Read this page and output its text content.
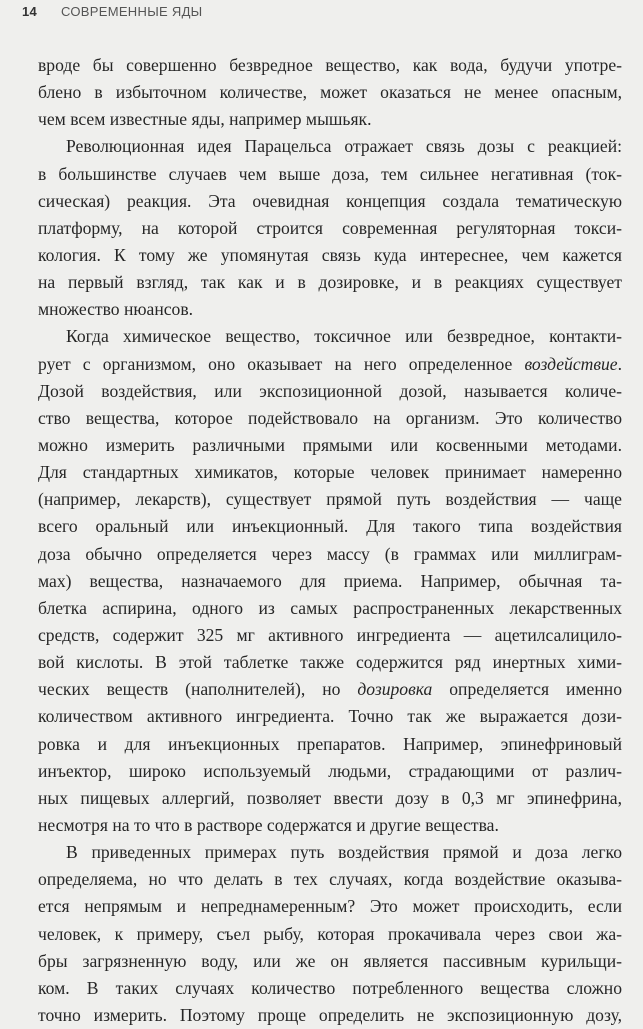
14 СОВРЕМЕННЫЕ ЯДЫ
вроде бы совершенно безвредное вещество, как вода, будучи употре-
блено в избыточном количестве, может оказаться не менее опасным,
чем всем известные яды, например мышьяк.
Революционная идея Парацельса отражает связь дозы с реакцией:
в большинстве случаев чем выше доза, тем сильнее негативная (ток-
сическая) реакция. Эта очевидная концепция создала тематическую
платформу, на которой строится современная регуляторная токси-
кология. К тому же упомянутая связь куда интереснее, чем кажется
на первый взгляд, так как и в дозировке, и в реакциях существует
множество нюансов.
Когда химическое вещество, токсичное или безвредное, контакти-
рует с организмом, оно оказывает на него определенное воздействие.
Дозой воздействия, или экспозиционной дозой, называется количе-
ство вещества, которое подействовало на организм. Это количество
можно измерить различными прямыми или косвенными методами.
Для стандартных химикатов, которые человек принимает намеренно
(например, лекарств), существует прямой путь воздействия — чаще
всего оральный или инъекционный. Для такого типа воздействия
доза обычно определяется через массу (в граммах или миллиграм-
мах) вещества, назначаемого для приема. Например, обычная та-
блетка аспирина, одного из самых распространенных лекарственных
средств, содержит 325 мг активного ингредиента — ацетилсалицило-
вой кислоты. В этой таблетке также содержится ряд инертных хими-
ческих веществ (наполнителей), но дозировка определяется именно
количеством активного ингредиента. Точно так же выражается дози-
ровка и для инъекционных препаратов. Например, эпинефриновый
инъектор, широко используемый людьми, страдающими от различ-
ных пищевых аллергий, позволяет ввести дозу в 0,3 мг эпинефрина,
несмотря на то что в растворе содержатся и другие вещества.
В приведенных примерах путь воздействия прямой и доза легко
определяема, но что делать в тех случаях, когда воздействие оказыва-
ется непрямым и непреднамеренным? Это может происходить, если
человек, к примеру, съел рыбу, которая прокачивала через свои жа-
бры загрязненную воду, или же он является пассивным курильщи-
ком. В таких случаях количество потребленного вещества сложно
точно измерить. Поэтому проще определить не экспозиционную дозу,
